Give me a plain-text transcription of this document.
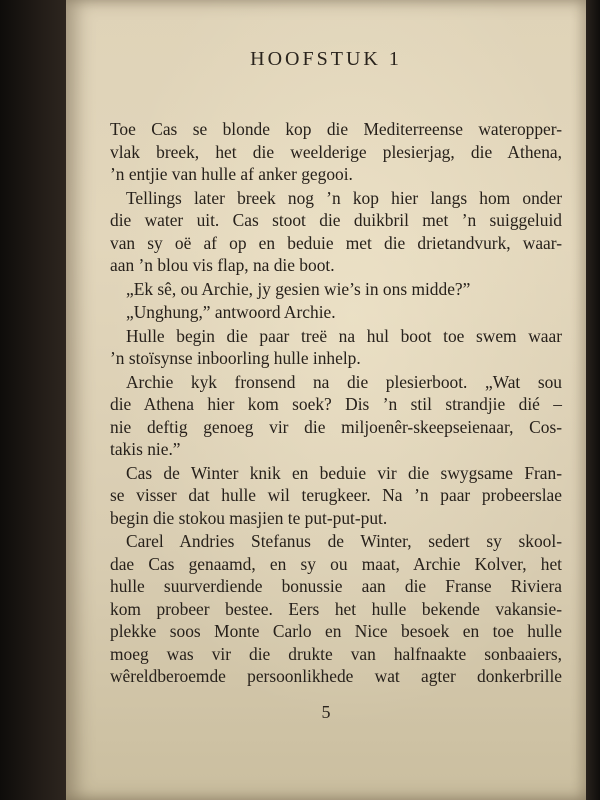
HOOFSTUK 1
Toe Cas se blonde kop die Mediterreense wateropper-
vlak breek, het die weelderige plesierjag, die Athena,
’n entjie van hulle af anker gegooi.
Tellings later breek nog ’n kop hier langs hom onder
die water uit. Cas stoot die duikbril met ’n suiggeluid
van sy oë af op en beduie met die drietandvurk, waar-
aan ’n blou vis flap, na die boot.
„Ek sê, ou Archie, jy gesien wie’s in ons midde?”
„Unghung,” antwoord Archie.
Hulle begin die paar treë na hul boot toe swem waar
’n stoïsynse inboorling hulle inhelp.
Archie kyk fronsend na die plesierboot. „Wat sou
die Athena hier kom soek? Dis ’n stil strandjie dié –
nie deftig genoeg vir die miljoenêr-skeepseienaar, Cos-
takis nie.”
Cas de Winter knik en beduie vir die swygsame Fran-
se visser dat hulle wil terugkeer. Na ’n paar probeerslae
begin die stokou masjien te put-put-put.
Carel Andries Stefanus de Winter, sedert sy skool-
dae Cas genaamd, en sy ou maat, Archie Kolver, het
hulle suurverdiende bonussie aan die Franse Riviera
kom probeer bestee. Eers het hulle bekende vakansie-
plekke soos Monte Carlo en Nice besoek en toe hulle
moeg was vir die drukte van halfnaakte sonbaaiers,
wêreldberoemde persoonlikhede wat agter donkerbrille
5
